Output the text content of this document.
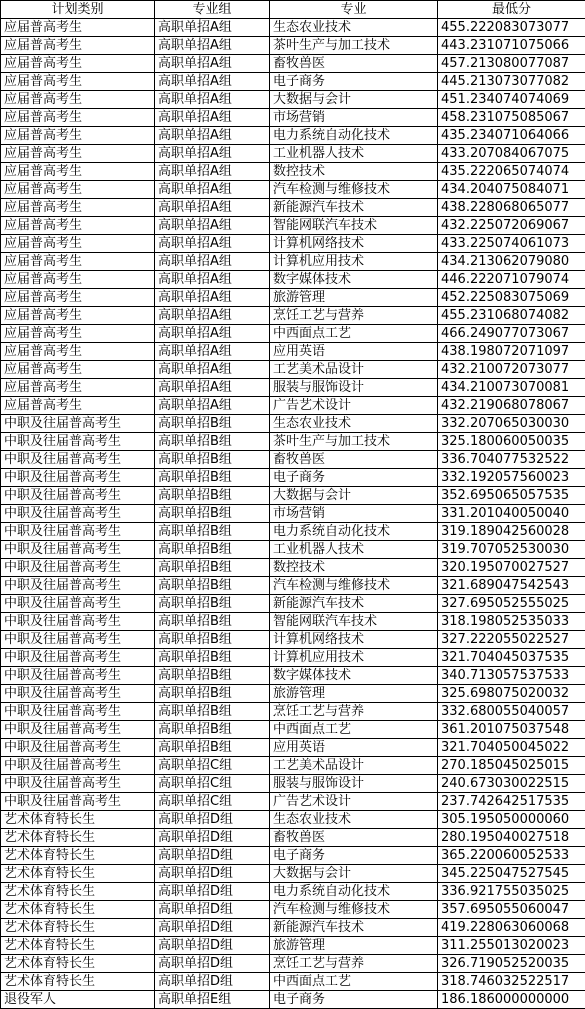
计划类别	专业组	专业	最低分
应届普高考生	高职单招A组	生态农业技术	455.222083073077
应届普高考生	高职单招A组	茶叶生产与加工技术	443.231071075066
应届普高考生	高职单招A组	畜牧兽医	457.213080077087
应届普高考生	高职单招A组	电子商务	445.213073077082
应届普高考生	高职单招A组	大数据与会计	451.234074074069
应届普高考生	高职单招A组	市场营销	458.231075085067
应届普高考生	高职单招A组	电力系统自动化技术	435.234071064066
应届普高考生	高职单招A组	工业机器人技术	433.207084067075
应届普高考生	高职单招A组	数控技术	435.222065074074
应届普高考生	高职单招A组	汽车检测与维修技术	434.204075084071
应届普高考生	高职单招A组	新能源汽车技术	438.228068065077
应届普高考生	高职单招A组	智能网联汽车技术	432.225072069067
应届普高考生	高职单招A组	计算机网络技术	433.225074061073
应届普高考生	高职单招A组	计算机应用技术	434.213062079080
应届普高考生	高职单招A组	数字媒体技术	446.222071079074
应届普高考生	高职单招A组	旅游管理	452.225083075069
应届普高考生	高职单招A组	烹饪工艺与营养	455.231068074082
应届普高考生	高职单招A组	中西面点工艺	466.249077073067
应届普高考生	高职单招A组	应用英语	438.198072071097
应届普高考生	高职单招A组	工艺美术品设计	432.210072073077
应届普高考生	高职单招A组	服装与服饰设计	434.210073070081
应届普高考生	高职单招A组	广告艺术设计	432.219068078067
中职及往届普高考生	高职单招B组	生态农业技术	332.207065030030
中职及往届普高考生	高职单招B组	茶叶生产与加工技术	325.180060050035
中职及往届普高考生	高职单招B组	畜牧兽医	336.704077532522
中职及往届普高考生	高职单招B组	电子商务	332.192057560023
中职及往届普高考生	高职单招B组	大数据与会计	352.695065057535
中职及往届普高考生	高职单招B组	市场营销	331.201040050040
中职及往届普高考生	高职单招B组	电力系统自动化技术	319.189042560028
中职及往届普高考生	高职单招B组	工业机器人技术	319.707052530030
中职及往届普高考生	高职单招B组	数控技术	320.195070027527
中职及往届普高考生	高职单招B组	汽车检测与维修技术	321.689047542543
中职及往届普高考生	高职单招B组	新能源汽车技术	327.695052555025
中职及往届普高考生	高职单招B组	智能网联汽车技术	318.198052535033
中职及往届普高考生	高职单招B组	计算机网络技术	327.222055022527
中职及往届普高考生	高职单招B组	计算机应用技术	321.704045037535
中职及往届普高考生	高职单招B组	数字媒体技术	340.713057537533
中职及往届普高考生	高职单招B组	旅游管理	325.698075020032
中职及往届普高考生	高职单招B组	烹饪工艺与营养	332.680055040057
中职及往届普高考生	高职单招B组	中西面点工艺	361.201075037548
中职及往届普高考生	高职单招B组	应用英语	321.704050045022
中职及往届普高考生	高职单招C组	工艺美术品设计	270.185045025015
中职及往届普高考生	高职单招C组	服装与服饰设计	240.673030022515
中职及往届普高考生	高职单招C组	广告艺术设计	237.742642517535
艺术体育特长生	高职单招D组	生态农业技术	305.195050000060
艺术体育特长生	高职单招D组	畜牧兽医	280.195040027518
艺术体育特长生	高职单招D组	电子商务	365.220060052533
艺术体育特长生	高职单招D组	大数据与会计	345.225047527545
艺术体育特长生	高职单招D组	电力系统自动化技术	336.921755035025
艺术体育特长生	高职单招D组	汽车检测与维修技术	357.695055060047
艺术体育特长生	高职单招D组	新能源汽车技术	419.228063060068
艺术体育特长生	高职单招D组	旅游管理	311.255013020023
艺术体育特长生	高职单招D组	烹饪工艺与营养	326.719052520035
艺术体育特长生	高职单招D组	中西面点工艺	318.746032522517
退役军人	高职单招E组	电子商务	186.186000000000
